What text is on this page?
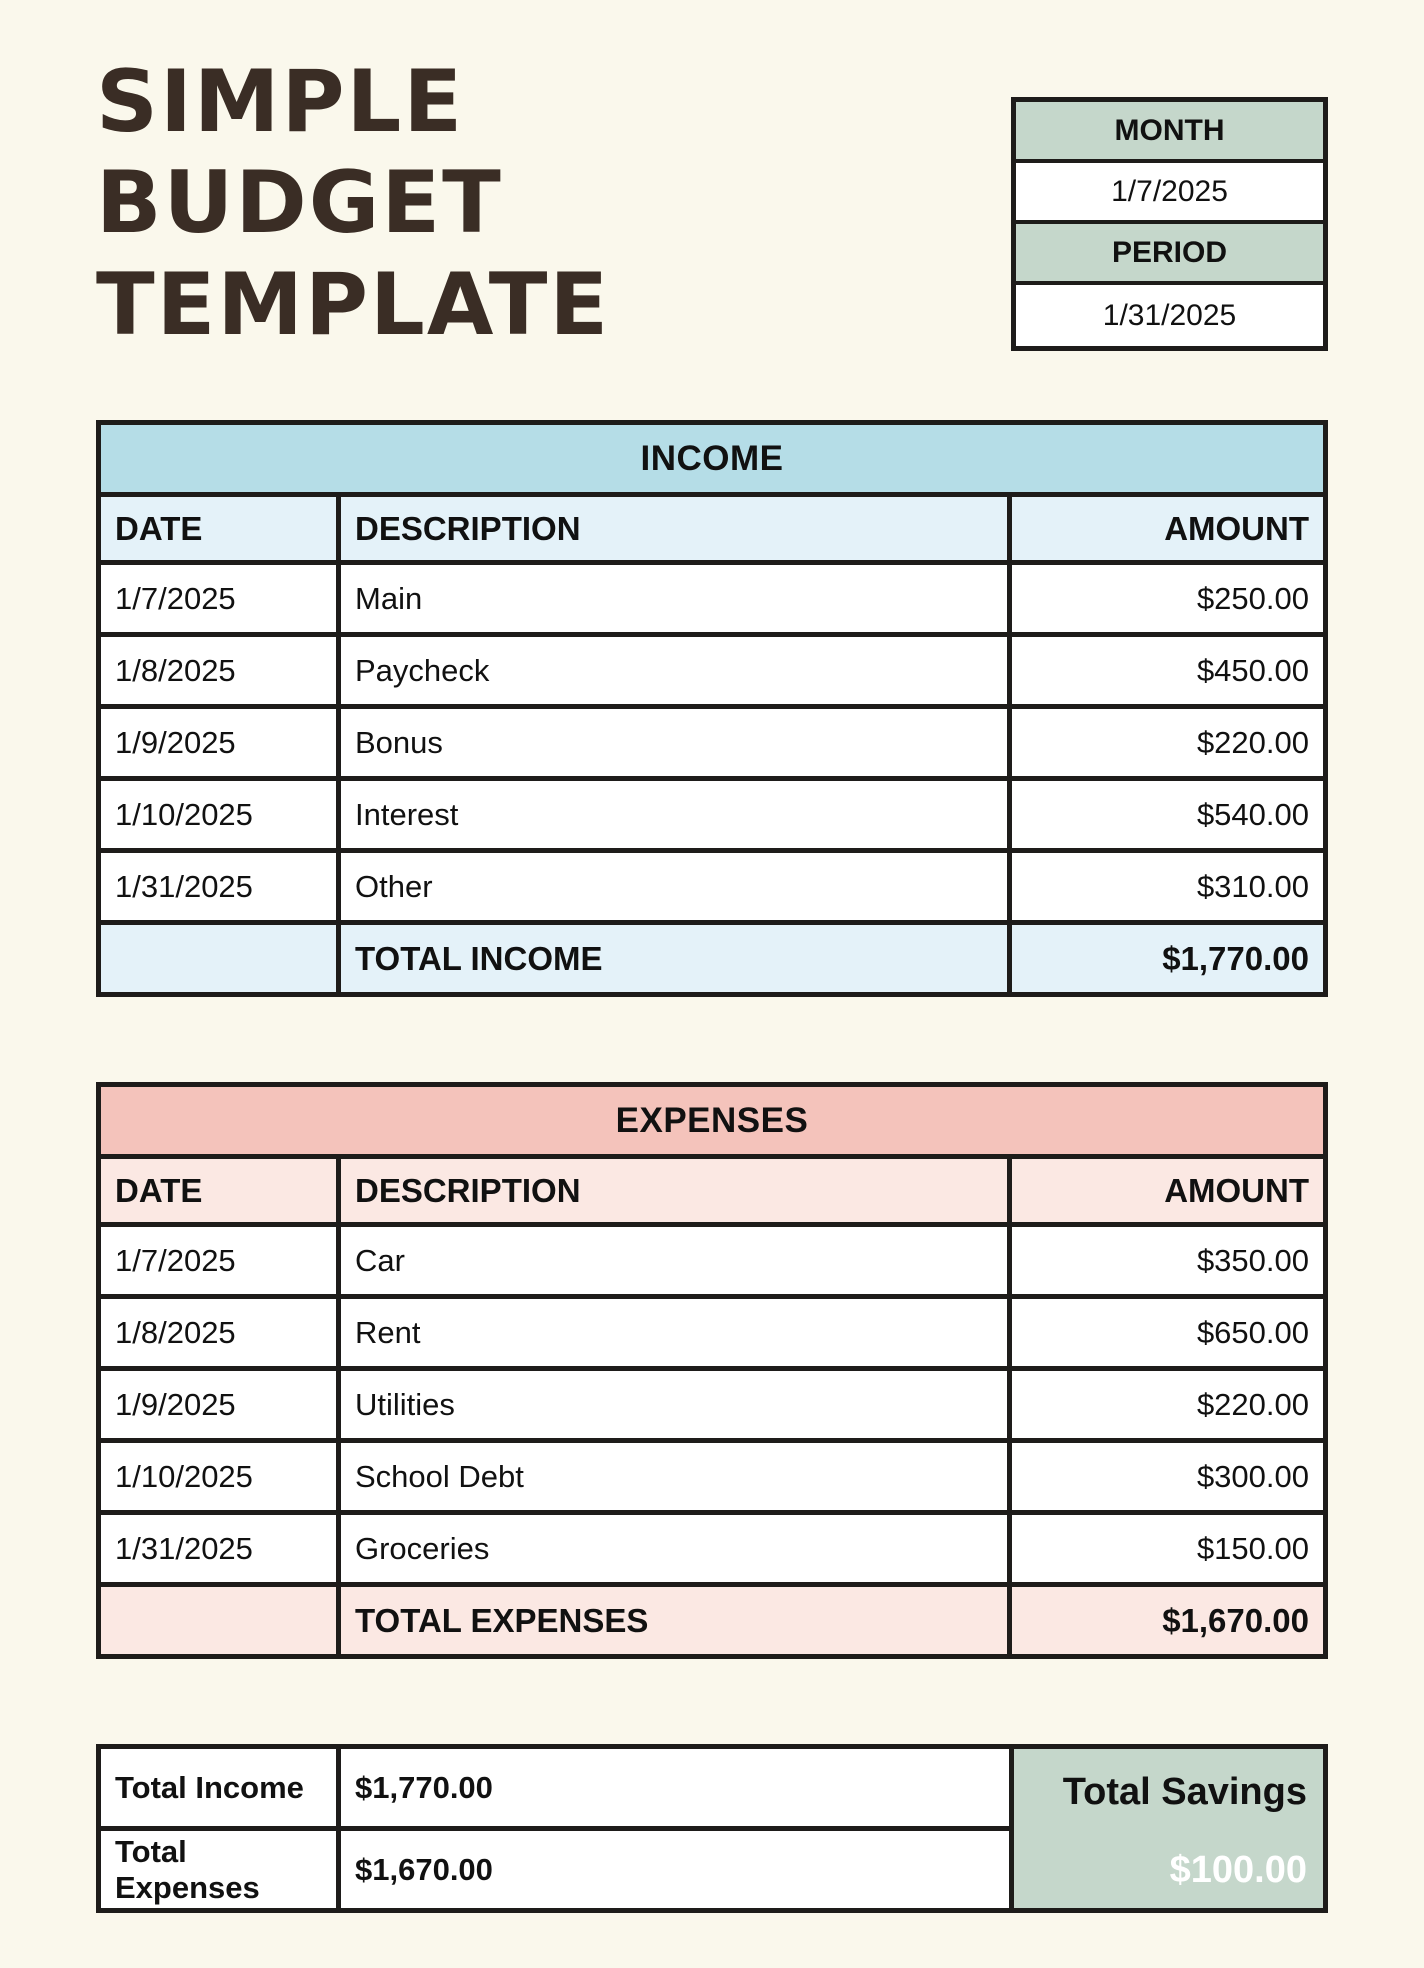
SIMPLE BUDGET TEMPLATE
MONTH
1/7/2025
PERIOD
1/31/2025
INCOME		
DATE	DESCRIPTION	AMOUNT
1/7/2025	Main	$250.00
1/8/2025	Paycheck	$450.00
1/9/2025	Bonus	$220.00
1/10/2025	Interest	$540.00
1/31/2025	Other	$310.00
	TOTAL INCOME	$1,770.00
EXPENSES		
DATE	DESCRIPTION	AMOUNT
1/7/2025	Car	$350.00
1/8/2025	Rent	$650.00
1/9/2025	Utilities	$220.00
1/10/2025	School Debt	$300.00
1/31/2025	Groceries	$150.00
	TOTAL EXPENSES	$1,670.00
Total Income	$1,770.00
Total Expenses	$1,670.00
Total Savings
$100.00
